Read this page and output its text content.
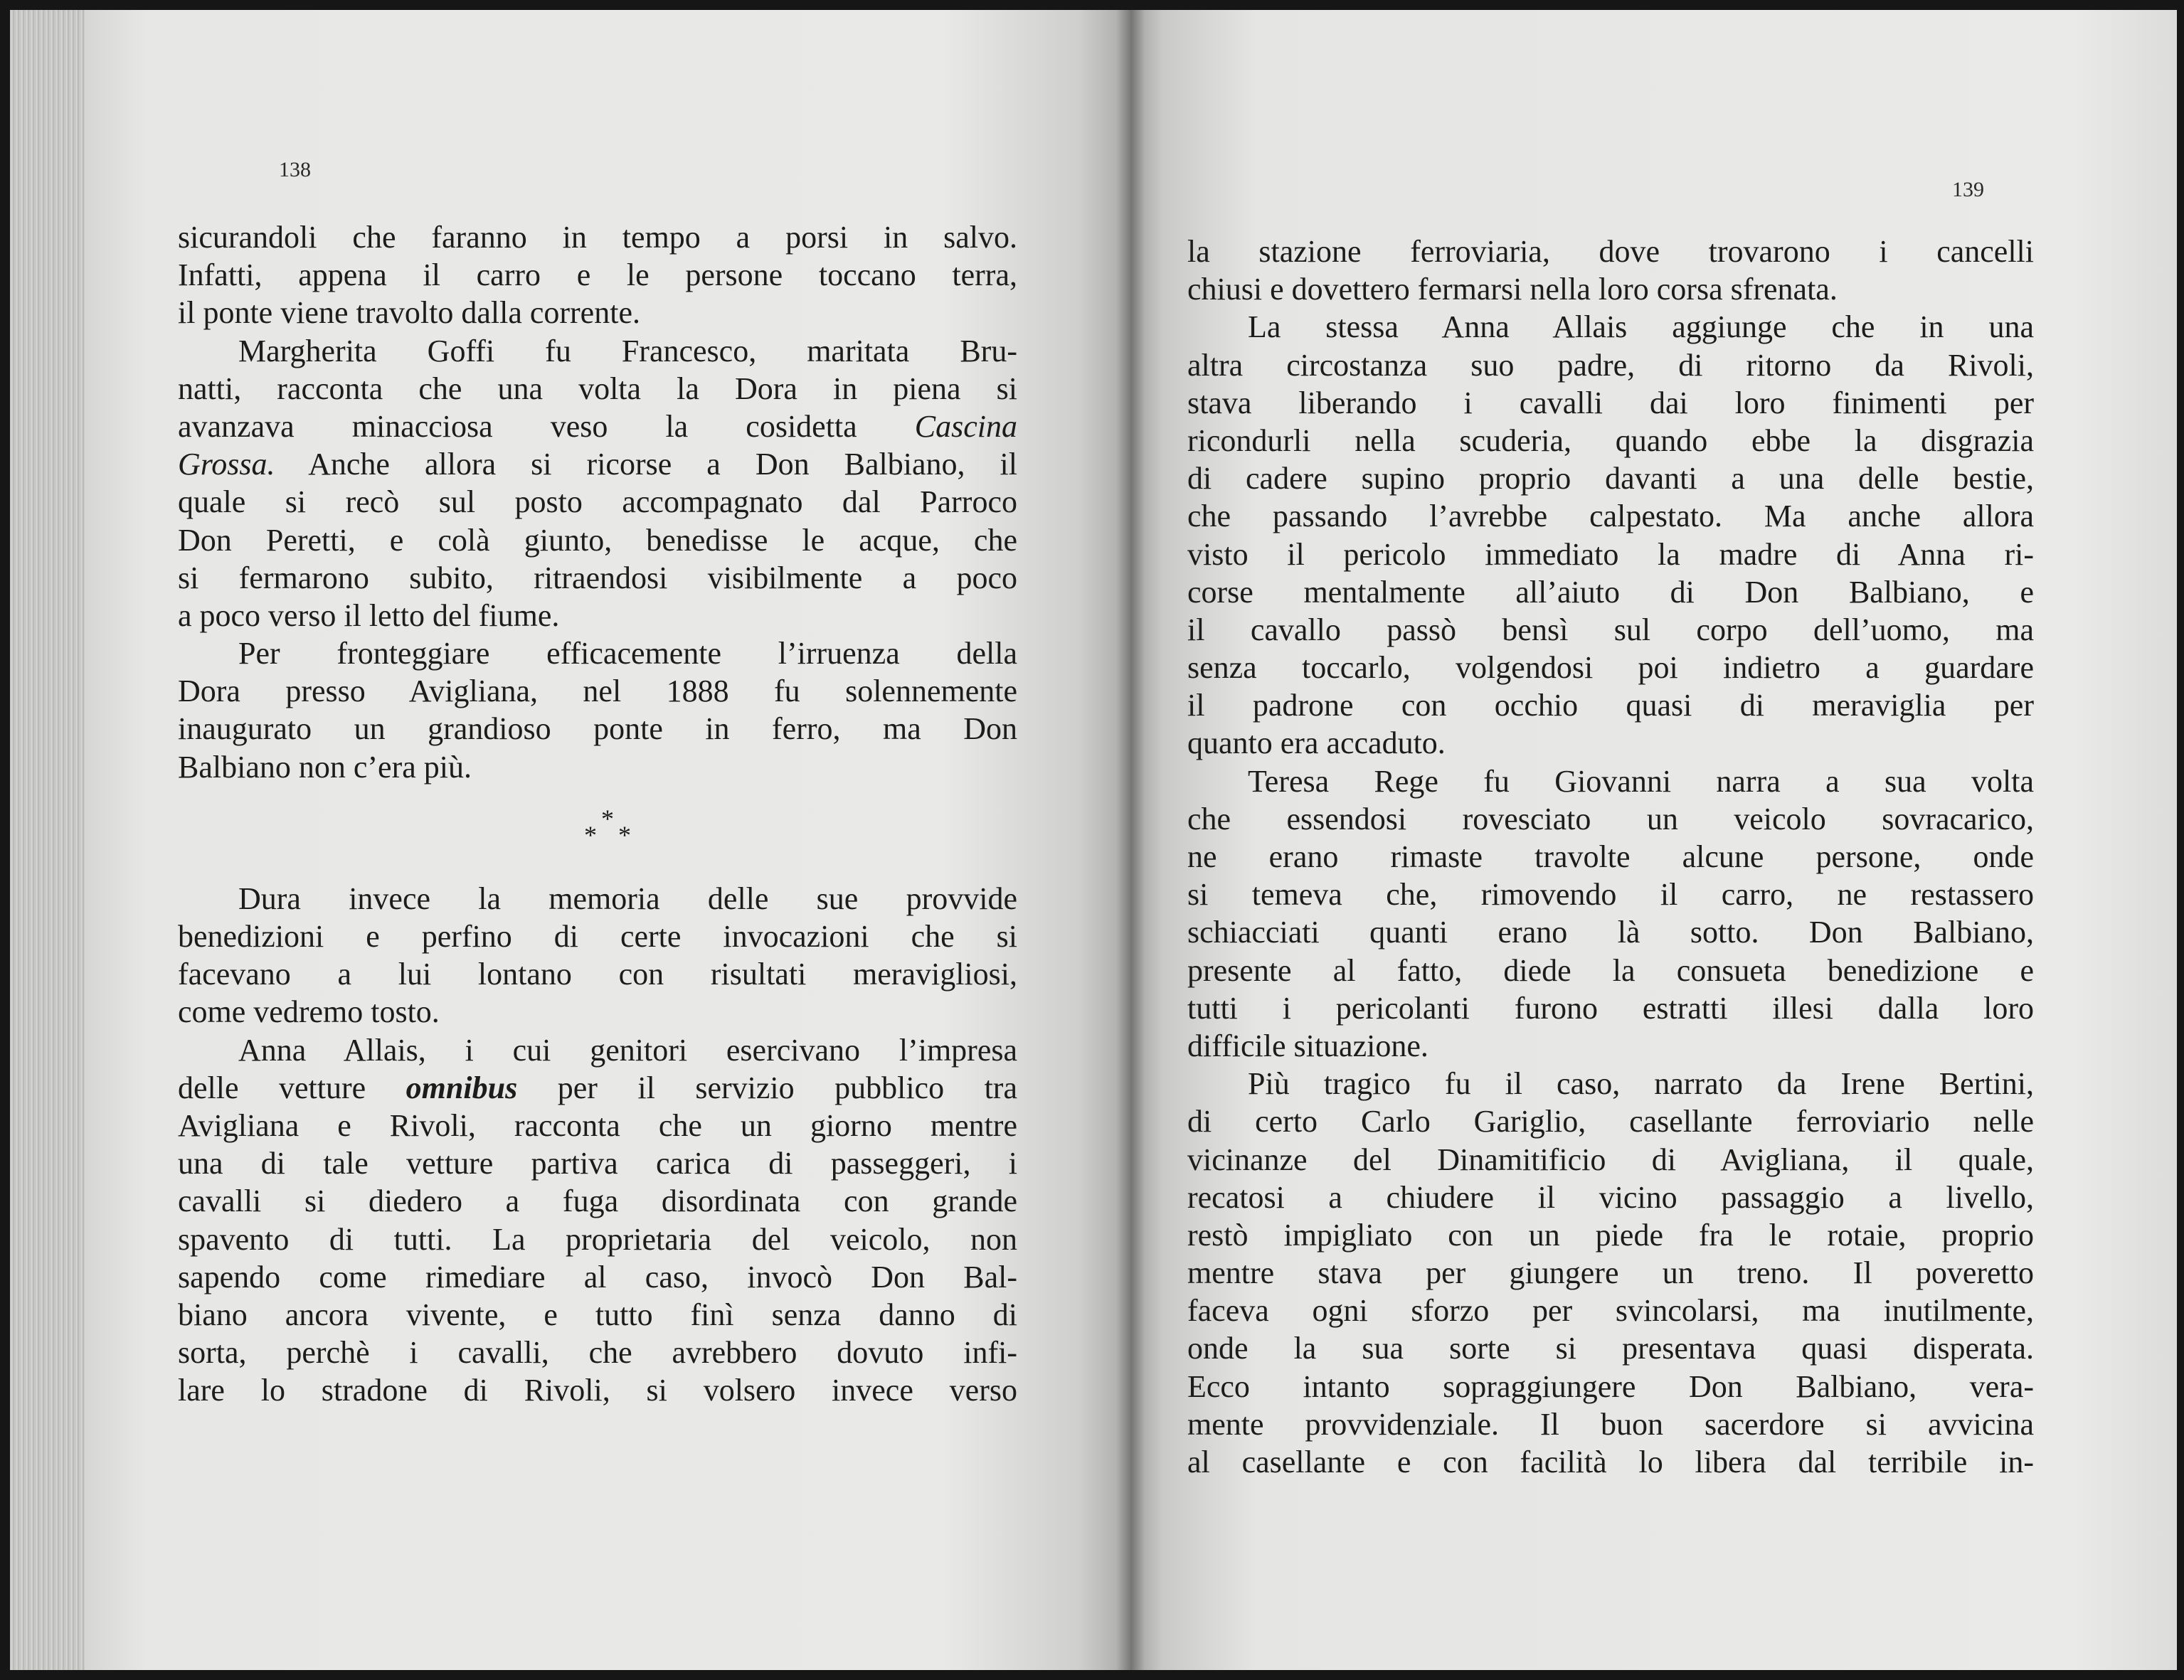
138
139
sicurandoli che faranno in tempo a porsi in salvo.
Infatti, appena il carro e le persone toccano terra,
il ponte viene travolto dalla corrente.
Margherita Goffi fu Francesco, maritata Bru-
natti, racconta che una volta la Dora in piena si
avanzava minacciosa veso la cosidetta Cascina
Grossa. Anche allora si ricorse a Don Balbiano, il
quale si recò sul posto accompagnato dal Parroco
Don Peretti, e colà giunto, benedisse le acque, che
si fermarono subito, ritraendosi visibilmente a poco
a poco verso il letto del fiume.
Per fronteggiare efficacemente l’irruenza della
Dora presso Avigliana, nel 1888 fu solennemente
inaugurato un grandioso ponte in ferro, ma Don
Balbiano non c’era più.
*
* *
Dura invece la memoria delle sue provvide
benedizioni e perfino di certe invocazioni che si
facevano a lui lontano con risultati meravigliosi,
come vedremo tosto.
Anna Allais, i cui genitori esercivano l’impresa
delle vetture omnibus per il servizio pubblico tra
Avigliana e Rivoli, racconta che un giorno mentre
una di tale vetture partiva carica di passeggeri, i
cavalli si diedero a fuga disordinata con grande
spavento di tutti. La proprietaria del veicolo, non
sapendo come rimediare al caso, invocò Don Bal-
biano ancora vivente, e tutto finì senza danno di
sorta, perchè i cavalli, che avrebbero dovuto infi-
lare lo stradone di Rivoli, si volsero invece verso
la stazione ferroviaria, dove trovarono i cancelli
chiusi e dovettero fermarsi nella loro corsa sfrenata.
La stessa Anna Allais aggiunge che in una
altra circostanza suo padre, di ritorno da Rivoli,
stava liberando i cavalli dai loro finimenti per
ricondurli nella scuderia, quando ebbe la disgrazia
di cadere supino proprio davanti a una delle bestie,
che passando l’avrebbe calpestato. Ma anche allora
visto il pericolo immediato la madre di Anna ri-
corse mentalmente all’aiuto di Don Balbiano, e
il cavallo passò bensì sul corpo dell’uomo, ma
senza toccarlo, volgendosi poi indietro a guardare
il padrone con occhio quasi di meraviglia per
quanto era accaduto.
Teresa Rege fu Giovanni narra a sua volta
che essendosi rovesciato un veicolo sovracarico,
ne erano rimaste travolte alcune persone, onde
si temeva che, rimovendo il carro, ne restassero
schiacciati quanti erano là sotto. Don Balbiano,
presente al fatto, diede la consueta benedizione e
tutti i pericolanti furono estratti illesi dalla loro
difficile situazione.
Più tragico fu il caso, narrato da Irene Bertini,
di certo Carlo Gariglio, casellante ferroviario nelle
vicinanze del Dinamitificio di Avigliana, il quale,
recatosi a chiudere il vicino passaggio a livello,
restò impigliato con un piede fra le rotaie, proprio
mentre stava per giungere un treno. Il poveretto
faceva ogni sforzo per svincolarsi, ma inutilmente,
onde la sua sorte si presentava quasi disperata.
Ecco intanto sopraggiungere Don Balbiano, vera-
mente provvidenziale. Il buon sacerdore si avvicina
al casellante e con facilità lo libera dal terribile in-
